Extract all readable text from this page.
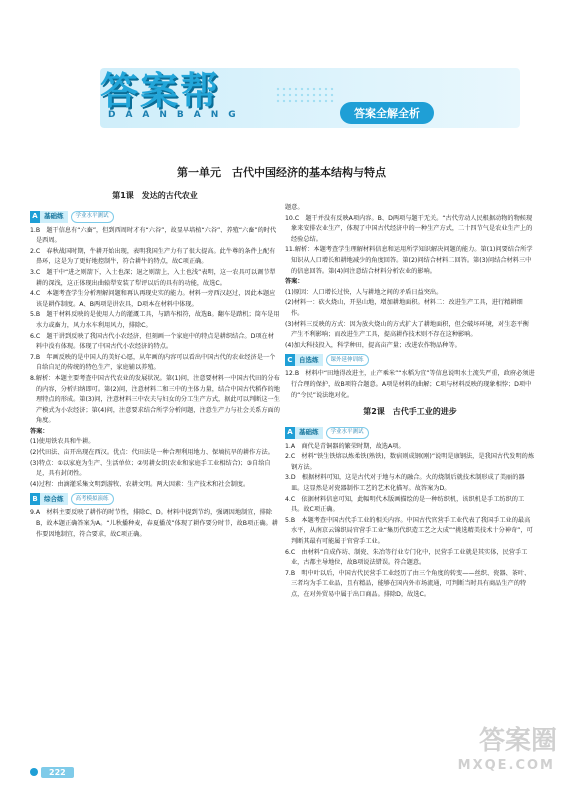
答案帮
DAANBANG	答案全解全析
第一单元　古代中国经济的基本结构与特点
第1课　发达的古代农业
A 基础练	学业水平测试

1.B　题干信息有“六畜”，但到西周时才有“六谷”，故显早培植“六谷”、养殖“六畜”的时代是西周。

2.C　春秋战国时期，牛耕开始出现，表明我国生产力有了很大提高。此牛尊的条件上配有鼻环，这是为了更好地控制牛，符合耕牛的特点，故C项正确。

3.C　题干中“进之则箭下，入土也深；退之则箭上，入土也浅”表明，这一农具可以调节犁耕的深浅，这正体现出曲辕犁安装了犁评以后的具有的功能，故选C。

4.C　本题考查学生分析理解问题和再认再现史实的能力。材料一旁西汉赵过，因此本题应该是耕作制度。A、B两项是讲农具，D项本在材料中体现。

5.B　题干材料反映的是使用人力的灌溉工具，与踏车相符，故选B。翻车是踏机；筒车是用水力或畜力，风力水车利用风力，排除C。

6.C　题干讲到反映了我国古代小农经济，但刻画一个家庭中的特点是耕织结合。D项在材料中没有体现。体现了中国古代小农经济的特点。

7.B　年画反映的是中国人的美好心愿，从年画的内容可以看出中国古代的农业经济是一个自给自足的传统的特色生产，家庭辅以养殖。

8.解析：本题主要考查中国古代农业的发展状况。第(1)问，注意要材料一中国古代田的分布的内容，分析归纳即可。第(2)问，注意材料二和三中的主体力量，结合中国古代稻作的地理特点的形成。第(3)问，注意材料三中农夫与妇女的分工生产方式，据此可以判断这一生产模式为小农经济；第(4)问，注意要求结合所学分析问题，注意生产力与社会关系方面的角度。

答案：

(1)使用铁农具和牛耕。

(2)代田法、亩开出现在西汉。优点：代田法是一种合理利用地力、保墒抗旱的耕作方法。

(3)特点：①以家庭为生产、生活单位；②男耕女织(农业和家庭手工业相结合)；③自给自足，具有封闭性。

(4)过程：由滴灌采集文明到游牧、农耕文明。两大因素：生产技术和社会制度。

B 综合练	高考模拟演练

9.A　材料主要反映了耕作的时节性，排除C、D。材料中提到节约，强调因地制宜，排除B，故本题正确答案为A。“儿秋播种麦，春夏播茂”体现了耕作要分时节，故B项正确。耕作要因地制宜，符合要求，故C项正确。

题意。

10.C　题干并没有反映A项内容。B、D两项与题干无关。“古代劳动人民根据动物的物候现象来安排农业生产，体现了中国古代经济中的一种生产方式，二十四节气是农业生产上的经验总结。

11.解析：本题考查学生理解材料信息和运用所学知识解决问题的能力。第(1)问要结合所学知识从人口增长和耕地减少的角度回答。第(2)问结合材料二回答。第(3)问结合材料三中的信息回答。第(4)问注意结合材料分析农业的影响。

答案：

(1)原因：人口增长过快，人与耕地之间的矛盾日益突出。

(2)材料一：砍火烧山，开垦山地，增加耕地面积。材料二：改进生产工具，进行精耕细作。

(3)材料三反映的方式：因为放火烧山的方式扩大了耕地面积，但会破坏环境，对生态平衡产生不利影响；而改进生产工具，提高耕作技术则不存在这种影响。

(4)加大科技投入，科学种田，提高亩产量；改进农作物品种等。

C 自选练	课外延伸训练

12.B　材料中“田地得改进主，止产乘米”“水稻为宜”等信息说明水土流失严重，政府必须进行合理的保护，故B项符合题意。A项是材料的曲解；C项与材料反映的现象相悖；D项中的“令民”说法绝对化。

第2课　古代手工业的进步
A 基础练	学业水平测试

1.A　商代是青铜器的繁荣时期，故选A项。

2.C　材料“铁生铁熔以炼柔铁(熟铁)，数宿则成钢(刚)”说明是康钢法，是我国古代发明的炼钢方法。

3.D　根据材料可知，这是古代对于地与木的融合。火的烧制后就技术制形成了美丽的器皿。这显然是对瓷器制作工艺的艺术化描写。故答案为D。

4.C　依据材料信息可知，此幅明代木版画描绘的是一种纺织机，该织机是手工纺织的工具。故C项正确。

5.B　本题考查中国古代手工业的相关内容。中国古代官营手工业代表了我国手工业的最高水平，从南京云锦织局官营手工业“集历代织造工艺之大成”“挑选精美技术十分神奇”，可判断其最有可能属于官营手工业。

6.C　由材料“自成作坊、制瓷、朱冶等行业专门化中，民营手工业就是其实体，民营手工业，古都主导地位，故B项说法错误。符合题意。

7.B　明中叶以后，中国古代民营手工业经历了由三个角度的转变——丝织、瓷器、茶叶、三者均为手工业品，且有精品，能够在国内外市场流通，可判断当时具有商品生产的特点，在对外贸易中属于出口商品。排除D，故选C。

222
答案圈
MXQE.COM
